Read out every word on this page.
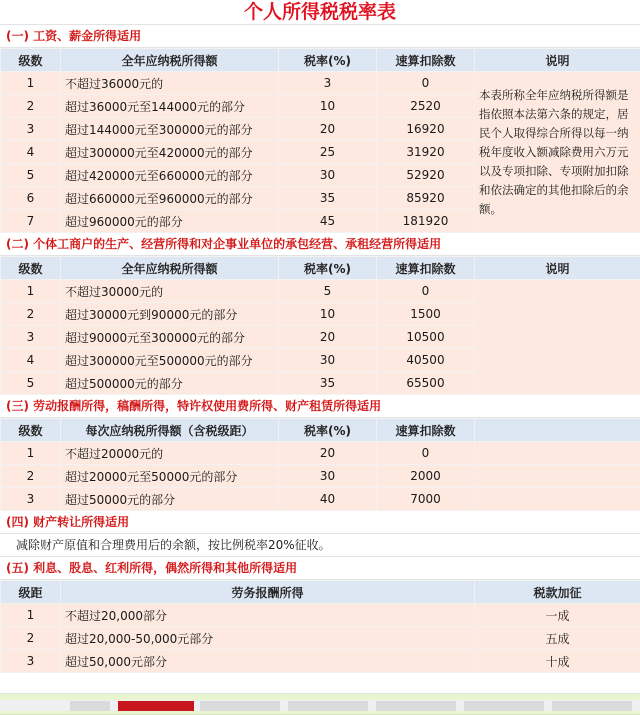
个人所得税税率表
(一) 工资、薪金所得适用
级数	全年应纳税所得额	税率(%)	速算扣除数	说明
1	不超过36000元的	3	0	本表所称全年应纳税所得额是指依照本法第六条的规定，居民个人取得综合所得以每一纳税年度收入额减除费用六万元以及专项扣除、专项附加扣除和依法确定的其他扣除后的余额。
2	超过36000元至144000元的部分	10	2520	
3	超过144000元至300000元的部分	20	16920	
4	超过300000元至420000元的部分	25	31920	
5	超过420000元至660000元的部分	30	52920	
6	超过660000元至960000元的部分	35	85920	
7	超过960000元的部分	45	181920	
(二) 个体工商户的生产、经营所得和对企事业单位的承包经营、承租经营所得适用
级数	全年应纳税所得额	税率(%)	速算扣除数	说明
1	不超过30000元的	5	0	
2	超过30000元到90000元的部分	10	1500	
3	超过90000元至300000元的部分	20	10500	
4	超过300000元至500000元的部分	30	40500	
5	超过500000元的部分	35	65500	
(三) 劳动报酬所得，稿酬所得，特许权使用费所得、财产租赁所得适用
级数	每次应纳税所得额（含税级距）	税率(%)	速算扣除数	
1	不超过20000元的	20	0	
2	超过20000元至50000元的部分	30	2000	
3	超过50000元的部分	40	7000	
(四) 财产转让所得适用
减除财产原值和合理费用后的余额，按比例税率20%征收。
(五) 利息、股息、红利所得，偶然所得和其他所得适用
级距	劳务报酬所得	税款加征
1	不超过20,000部分	一成
2	超过20,000-50,000元部分	五成
3	超过50,000元部分	十成
